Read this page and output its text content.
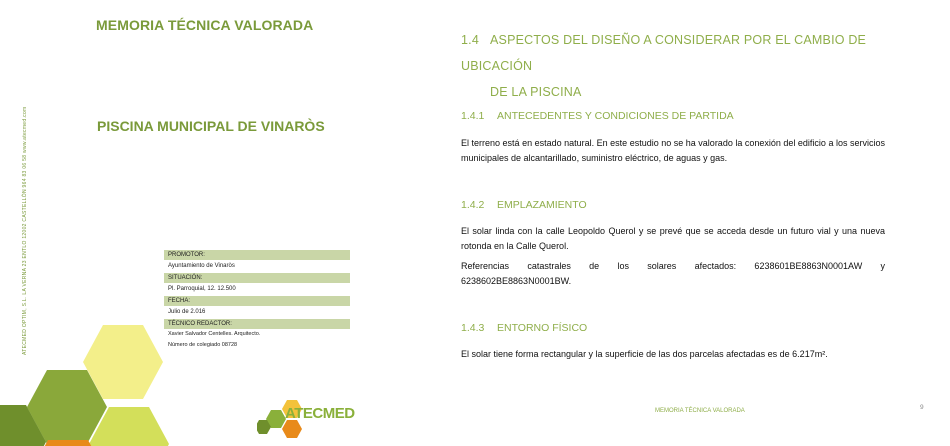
MEMORIA TÉCNICA VALORADA
PISCINA MUNICIPAL DE VINARÒS
ATECMED OPTIM, S.L. LA VERNA 23 ENTLO 12002 CASTELLÓN 964 83 06 58 www.atecmed.com	PROMOTOR:
Ayuntamiento de Vinaròs
SITUACIÓN:
Pl. Parroquial, 12. 12.500
FECHA:
Julio de 2.016
TÉCNICO REDACTOR:
Xavier Salvador Centelles. Arquitecto.
Número de colegiado 08728
ATECMED
1.4 ASPECTOS DEL DISEÑO A CONSIDERAR POR EL CAMBIO DE UBICACIÓN
DE LA PISCINA
1.4.1 ANTECEDENTES Y CONDICIONES DE PARTIDA
El terreno está en estado natural. En este estudio no se ha valorado la conexión del edificio a los servicios municipales de alcantarillado, suministro eléctrico, de aguas y gas.
1.4.2 EMPLAZAMIENTO
El solar linda con la calle Leopoldo Querol y se prevé que se acceda desde un futuro vial y una nueva rotonda en la Calle Querol.
Referencias catastrales de los solares afectados: 6238601BE8863N0001AW y 6238602BE8863N0001BW.
1.4.3 ENTORNO FÍSICO
El solar tiene forma rectangular y la superficie de las dos parcelas afectadas es de 6.217m².
MEMORIA TÉCNICA VALORADA	9
